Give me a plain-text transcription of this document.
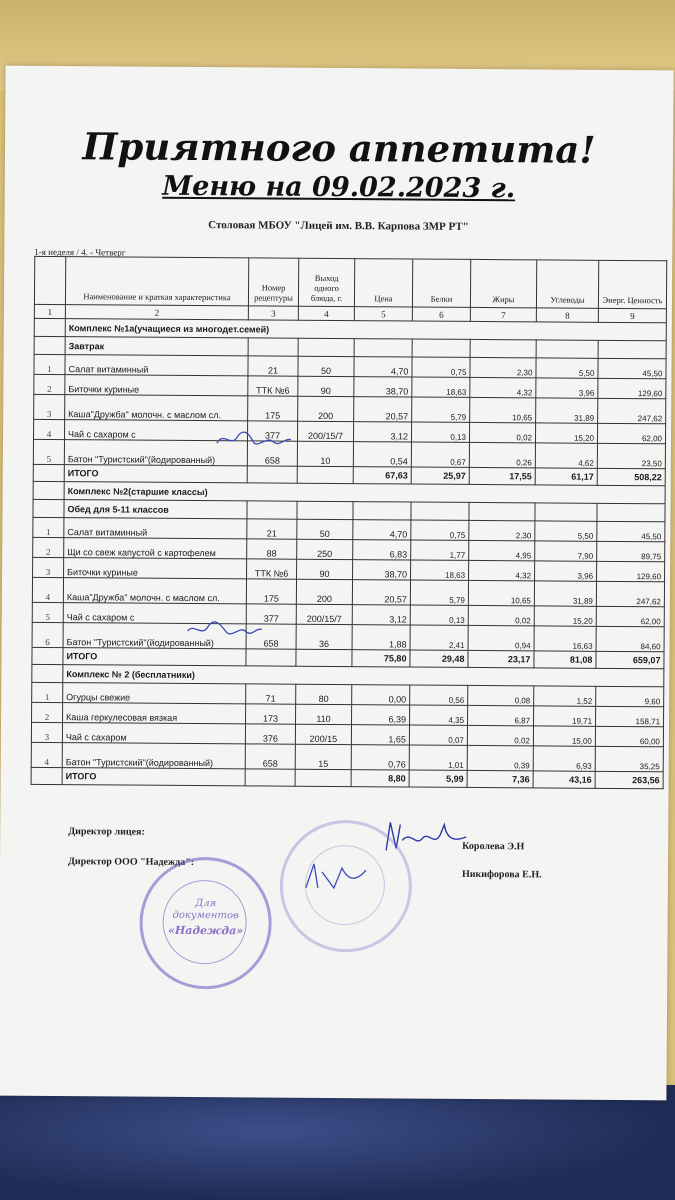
Приятного аппетита!
Меню на 09.02.2023 г.
Столовая МБОУ "Лицей им. В.В. Карпова ЗМР РТ"
1-я неделя / 4. - Четверг
	Наименование и краткая характеристика	Номер рецептуры	Выход одного блюда, г.	Цена	Белки	Жиры	Углеводы	Энерг. Ценность
1	2	3	4	5	6	7	8	9
	Комплекс №1а(учащиеся из многодет.семей)							
	Завтрак							
1	Салат витаминный	21	50	4,70	0,75	2,30	5,50	45,50
2	Биточки куриные	ТТК №6	90	38,70	18,63	4,32	3,96	129,60
3	Каша"Дружба" молочн. с маслом сл.	175	200	20,57	5,79	10,65	31,89	247,62
4	Чай с сахаром с	377	200/15/7	3,12	0,13	0,02	15,20	62,00
5	Батон "Туристский"(йодированный)	658	10	0,54	0,67	0,26	4,62	23,50
	ИТОГО			67,63	25,97	17,55	61,17	508,22
	Комплекс №2(старшие классы)							
	Обед для 5-11 классов							
1	Салат витаминный	21	50	4,70	0,75	2,30	5,50	45,50
2	Щи со свеж капустой с картофелем	88	250	6,83	1,77	4,95	7,90	89,75
3	Биточки куриные	ТТК №6	90	38,70	18,63	4,32	3,96	129,60
4	Каша"Дружба" молочн. с маслом сл.	175	200	20,57	5,79	10,65	31,89	247,62
5	Чай с сахаром с	377	200/15/7	3,12	0,13	0,02	15,20	62,00
6	Батон "Туристский"(йодированный)	658	36	1,88	2,41	0,94	16,63	84,60
	ИТОГО			75,80	29,48	23,17	81,08	659,07
	Комплекс № 2 (бесплатники)							
1	Огурцы свежие	71	80	0,00	0,56	0,08	1,52	9,60
2	Каша геркулесовая вязкая	173	110	6,39	4,35	6,87	19,71	158,71
3	Чай с сахаром	376	200/15	1,65	0,07	0,02	15,00	60,00
4	Батон "Туристский"(йодированный)	658	15	0,76	1,01	0,39	6,93	35,25
	ИТОГО			8,80	5,99	7,36	43,16	263,56
Директор лицея:
Королева Э.Н
Директор ООО "Надежда":
Никифорова Е.Н.
Для
документов
«Надежда»
